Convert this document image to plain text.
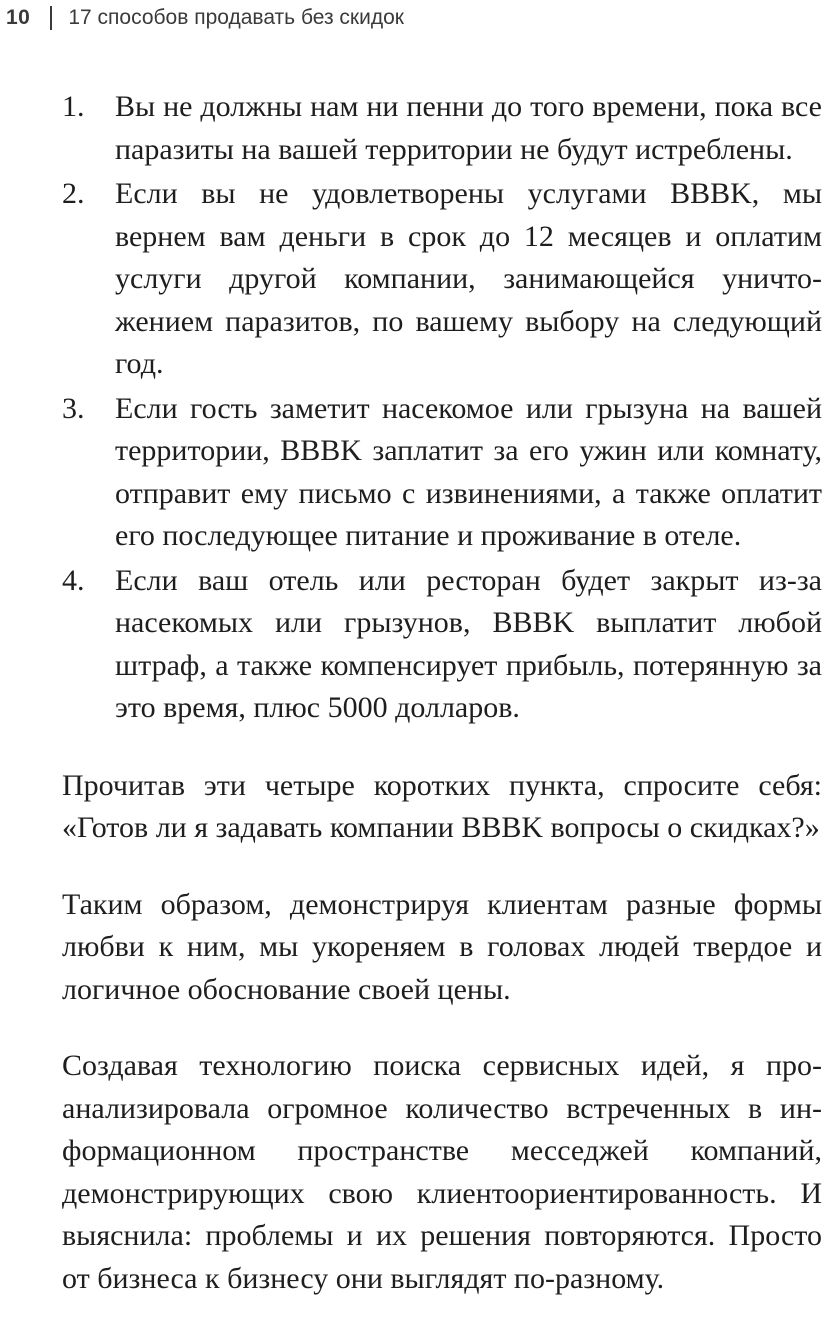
10 17 способов продавать без скидок
1. Вы не должны нам ни пенни до того времени, пока все паразиты на вашей территории не будут истреблены.
2. Если вы не удовлетворены услугами BBBK, мы вернем вам деньги в срок до 12 месяцев и оплатим услуги другой компании, занимающейся уничтожением паразитов, по вашему выбору на следующий год.
3. Если гость заметит насекомое или грызуна на вашей территории, BBBK заплатит за его ужин или комнату, отправит ему письмо с извинениями, а также оплатит его последующее питание и проживание в отеле.
4. Если ваш отель или ресторан будет закрыт из-за насекомых или грызунов, BBBK выплатит любой штраф, а также компенсирует прибыль, потерянную за это время, плюс 5000 долларов.

Прочитав эти четыре коротких пункта, спросите себя: «Готов ли я задавать компании BBBK вопросы о скидках?»

Таким образом, демонстрируя клиентам разные формы любви к ним, мы укореняем в головах людей твердое и логичное обоснование своей цены.

Создавая технологию поиска сервисных идей, я проанализировала огромное количество встреченных в информационном пространстве месседжей компаний, демонстрирующих свою клиентоориентированность. И выяснила: проблемы и их решения повторяются. Просто от бизнеса к бизнесу они выглядят по-разному.
